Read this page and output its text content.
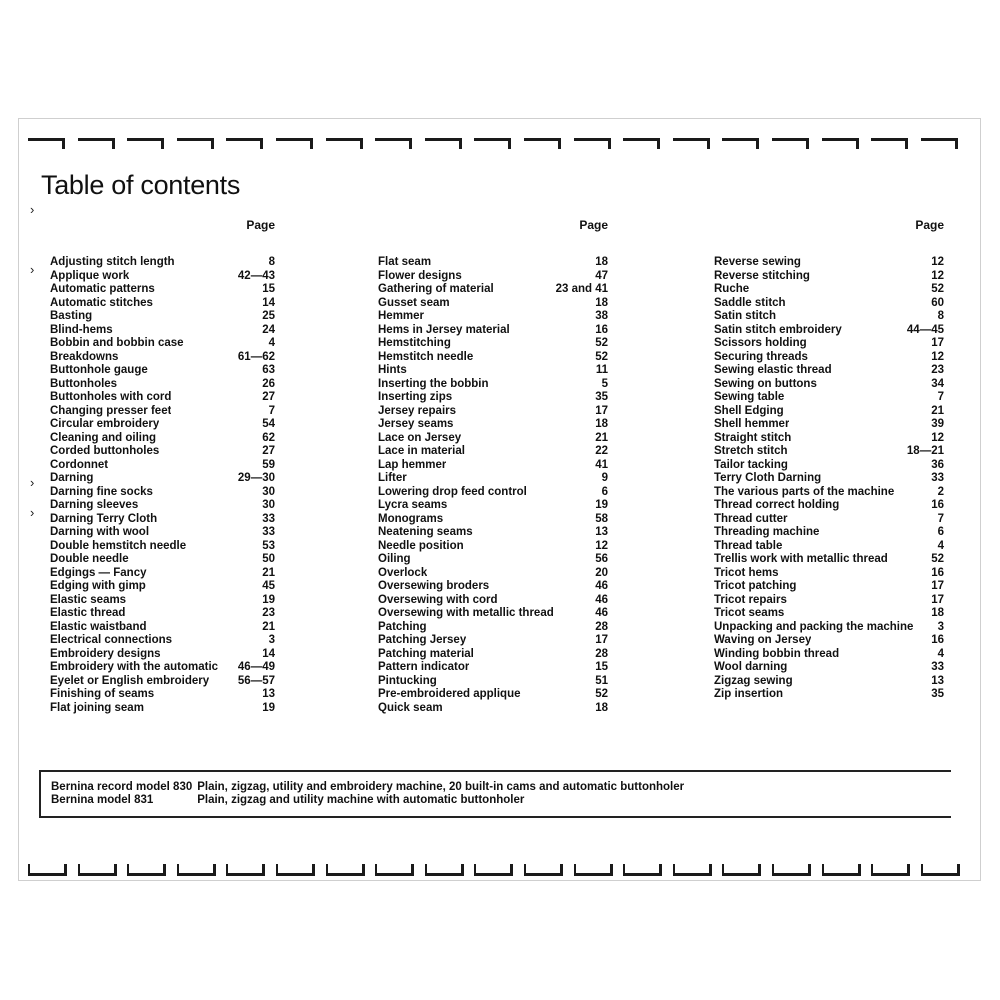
›
›
›
›
Table of contents
Page
Adjusting stitch length	8
Applique work	42—43
Automatic patterns	15
Automatic stitches	14
Basting	25
Blind-hems	24
Bobbin and bobbin case	4
Breakdowns	61—62
Buttonhole gauge	63
Buttonholes	26
Buttonholes with cord	27
Changing presser feet	7
Circular embroidery	54
Cleaning and oiling	62
Corded buttonholes	27
Cordonnet	59
Darning	29—30
Darning fine socks	30
Darning sleeves	30
Darning Terry Cloth	33
Darning with wool	33
Double hemstitch needle	53
Double needle	50
Edgings — Fancy	21
Edging with gimp	45
Elastic seams	19
Elastic thread	23
Elastic waistband	21
Electrical connections	3
Embroidery designs	14
Embroidery with the automatic 46—49
Eyelet or English embroidery	56—57
Finishing of seams	13
Flat joining seam	19
Page
Flat seam	18
Flower designs	47
Gathering of material	23 and 41
Gusset seam	18
Hemmer	38
Hems in Jersey material	16
Hemstitching	52
Hemstitch needle	52
Hints	11
Inserting the bobbin	5
Inserting zips	35
Jersey repairs	17
Jersey seams	18
Lace on Jersey	21
Lace in material	22
Lap hemmer	41
Lifter	9
Lowering drop feed control	6
Lycra seams	19
Monograms	58
Neatening seams	13
Needle position	12
Oiling	56
Overlock	20
Oversewing broders	46
Oversewing with cord	46
Oversewing with metallic thread	46
Patching	28
Patching Jersey	17
Patching material	28
Pattern indicator	15
Pintucking	51
Pre-embroidered applique	52
Quick seam	18
Page
Reverse sewing	12
Reverse stitching	12
Ruche	52
Saddle stitch	60
Satin stitch	8
Satin stitch embroidery	44—45
Scissors holding	17
Securing threads	12
Sewing elastic thread	23
Sewing on buttons	34
Sewing table	7
Shell Edging	21
Shell hemmer	39
Straight stitch	12
Stretch stitch	18—21
Tailor tacking	36
Terry Cloth Darning	33
The various parts of the machine	2
Thread correct holding	16
Thread cutter	7
Threading machine	6
Thread table	4
Trellis work with metallic thread	52
Tricot hems	16
Tricot patching	17
Tricot repairs	17
Tricot seams	18
Unpacking and packing the machine 3
Waving on Jersey	16
Winding bobbin thread	4
Wool darning	33
Zigzag sewing	13
Zip insertion	35
Bernina record model 830 Plain, zigzag, utility and embroidery machine, 20 built-in cams and automatic buttonholer
Bernina model 831	Plain, zigzag and utility machine with automatic buttonholer
